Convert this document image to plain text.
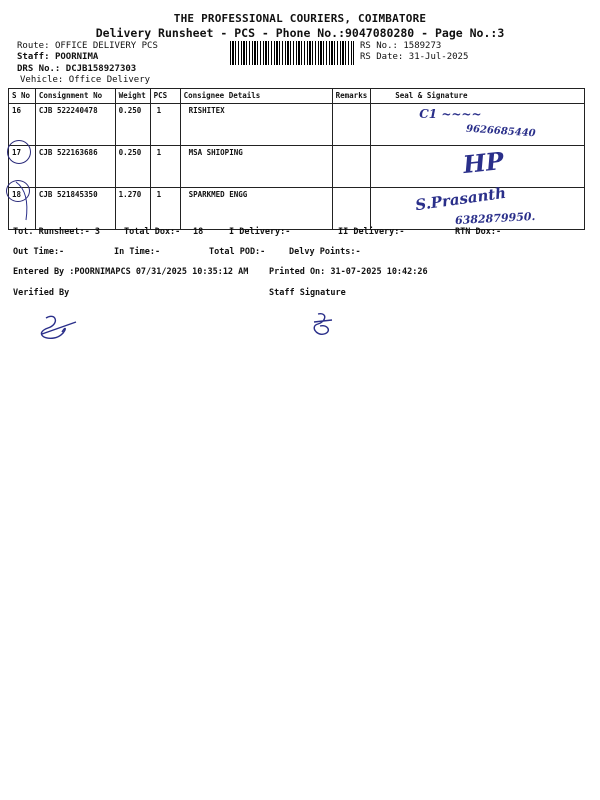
THE PROFESSIONAL COURIERS, COIMBATORE
Delivery Runsheet - PCS - Phone No.:9047080280 - Page No.:3
Route: OFFICE DELIVERY PCS
Staff: POORNIMA
DRS No.: DCJB158927303
Vehicle: Office Delivery
RS No.: 1589273
RS Date: 31-Jul-2025
S No	Consignment No	Weight	PCS	Consignee Details	Remarks	Seal & Signature
16	CJB 522240478	0.250	1	RISHITEX		C1 ~~~~
9626685440

17	CJB 522163686	0.250	1	MSA SHIOPING		HP

18	CJB 521845350	1.270	1	SPARKMED ENGG		S.Prasanth
6382879950.
Tot. Runsheet:- 3	Total Dox:- 18	I Delivery:-	II Delivery:-	RTN Dox:-
Out Time:-	In Time:-	Total POD:-	Delvy Points:-
Entered By :POORNIMAPCS 07/31/2025 10:35:12 AM Printed On: 31-07-2025 10:42:26
Verified By	Staff Signature
